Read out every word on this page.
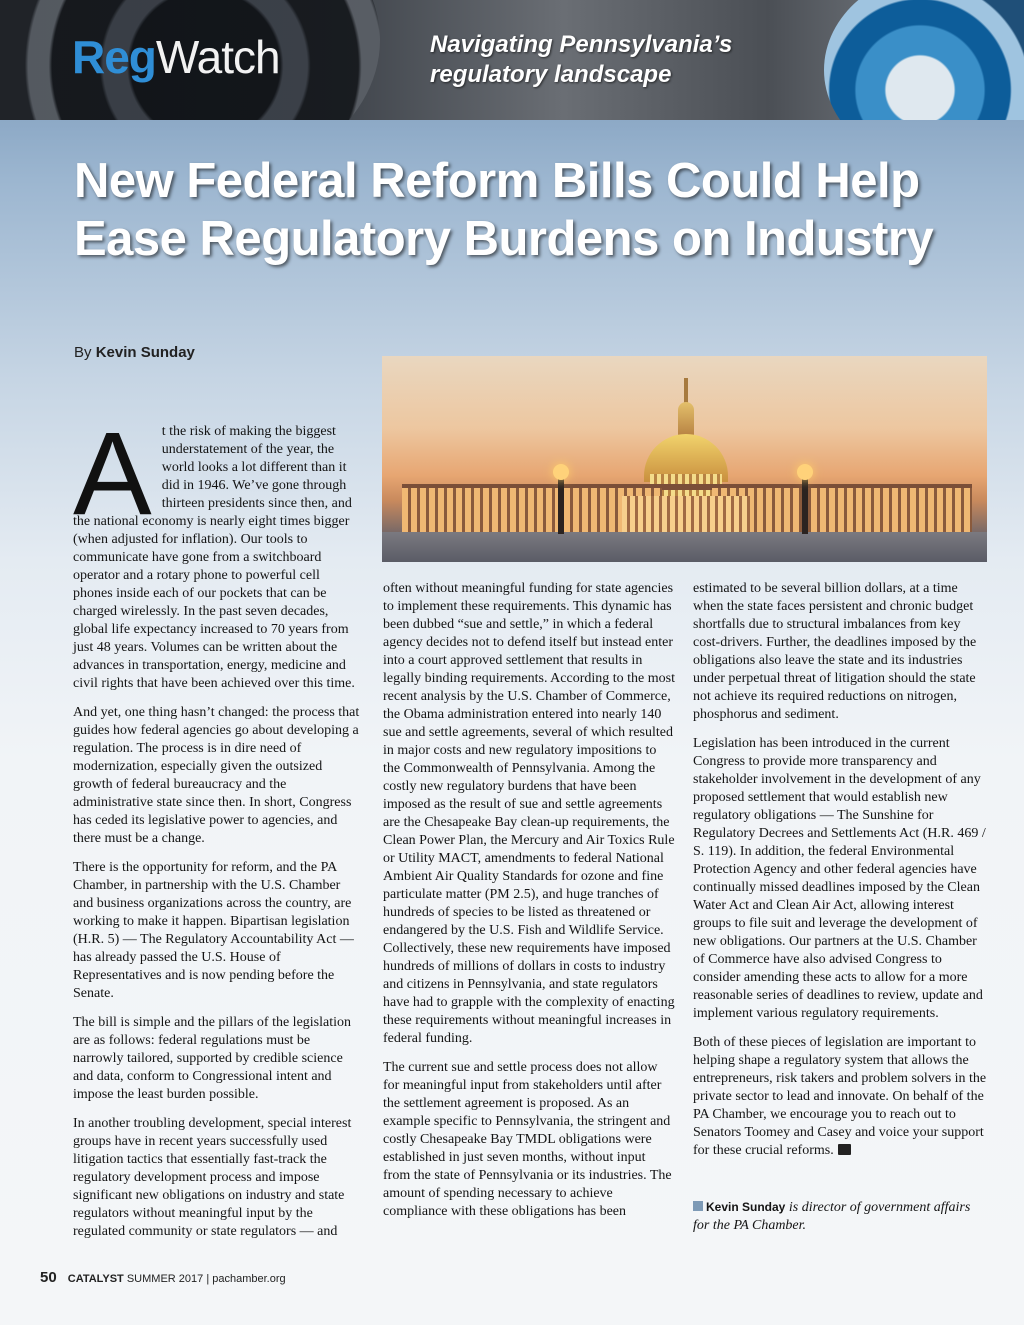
RegWatch	Navigating Pennsylvania’s regulatory landscape
New Federal Reform Bills Could Help Ease Regulatory Burdens on Industry
By Kevin Sunday

At the risk of making the biggest understatement of the year, the world looks a lot different than it did in 1946. We’ve gone through thirteen presidents since then, and the national economy is nearly eight times bigger (when adjusted for inflation). Our tools to communicate have gone from a switchboard operator and a rotary phone to powerful cell phones inside each of our pockets that can be charged wirelessly. In the past seven decades, global life expectancy increased to 70 years from just 48 years. Volumes can be written about the advances in transportation, energy, medicine and civil rights that have been achieved over this time.

And yet, one thing hasn’t changed: the process that guides how federal agencies go about developing a regulation. The process is in dire need of modernization, especially given the outsized growth of federal bureaucracy and the administrative state since then. In short, Congress has ceded its legislative power to agencies, and there must be a change.

There is the opportunity for reform, and the PA Chamber, in partnership with the U.S. Chamber and business organizations across the country, are working to make it happen. Bipartisan legislation (H.R. 5) — The Regulatory Accountability Act — has already passed the U.S. House of Representatives and is now pending before the Senate.

The bill is simple and the pillars of the legislation are as follows: federal regulations must be narrowly tailored, supported by credible science and data, conform to Congressional intent and impose the least burden possible.

In another troubling development, special interest groups have in recent years successfully used litigation tactics that essentially fast-track the regulatory development process and impose significant new obligations on industry and state regulators without meaningful input by the regulated community or state regulators — and

often without meaningful funding for state agencies to implement these requirements. This dynamic has been dubbed “sue and settle,” in which a federal agency decides not to defend itself but instead enter into a court approved settlement that results in legally binding requirements. According to the most recent analysis by the U.S. Chamber of Commerce, the Obama administration entered into nearly 140 sue and settle agreements, several of which resulted in major costs and new regulatory impositions to the Commonwealth of Pennsylvania. Among the costly new regulatory burdens that have been imposed as the result of sue and settle agreements are the Chesapeake Bay clean-up requirements, the Clean Power Plan, the Mercury and Air Toxics Rule or Utility MACT, amendments to federal National Ambient Air Quality Standards for ozone and fine particulate matter (PM 2.5), and huge tranches of hundreds of species to be listed as threatened or endangered by the U.S. Fish and Wildlife Service. Collectively, these new requirements have imposed hundreds of millions of dollars in costs to industry and citizens in Pennsylvania, and state regulators have had to grapple with the complexity of enacting these requirements without meaningful increases in federal funding.

The current sue and settle process does not allow for meaningful input from stakeholders until after the settlement agreement is proposed. As an example specific to Pennsylvania, the stringent and costly Chesapeake Bay TMDL obligations were established in just seven months, without input from the state of Pennsylvania or its industries. The amount of spending necessary to achieve compliance with these obligations has been

estimated to be several billion dollars, at a time when the state faces persistent and chronic budget shortfalls due to structural imbalances from key cost-drivers. Further, the deadlines imposed by the obligations also leave the state and its industries under perpetual threat of litigation should the state not achieve its required reductions on nitrogen, phosphorus and sediment.

Legislation has been introduced in the current Congress to provide more transparency and stakeholder involvement in the development of any proposed settlement that would establish new regulatory obligations — The Sunshine for Regulatory Decrees and Settlements Act (H.R. 469 / S. 119). In addition, the federal Environmental Protection Agency and other federal agencies have continually missed deadlines imposed by the Clean Water Act and Clean Air Act, allowing interest groups to file suit and leverage the development of new obligations. Our partners at the U.S. Chamber of Commerce have also advised Congress to consider amending these acts to allow for a more reasonable series of deadlines to review, update and implement various regulatory requirements.

Both of these pieces of legislation are important to helping shape a regulatory system that allows the entrepreneurs, risk takers and problem solvers in the private sector to lead and innovate. On behalf of the PA Chamber, we encourage you to reach out to Senators Toomey and Casey and voice your support for these crucial reforms.

Kevin Sunday is director of government affairs for the PA Chamber.
50 CATALYST SUMMER 2017 | pachamber.org
